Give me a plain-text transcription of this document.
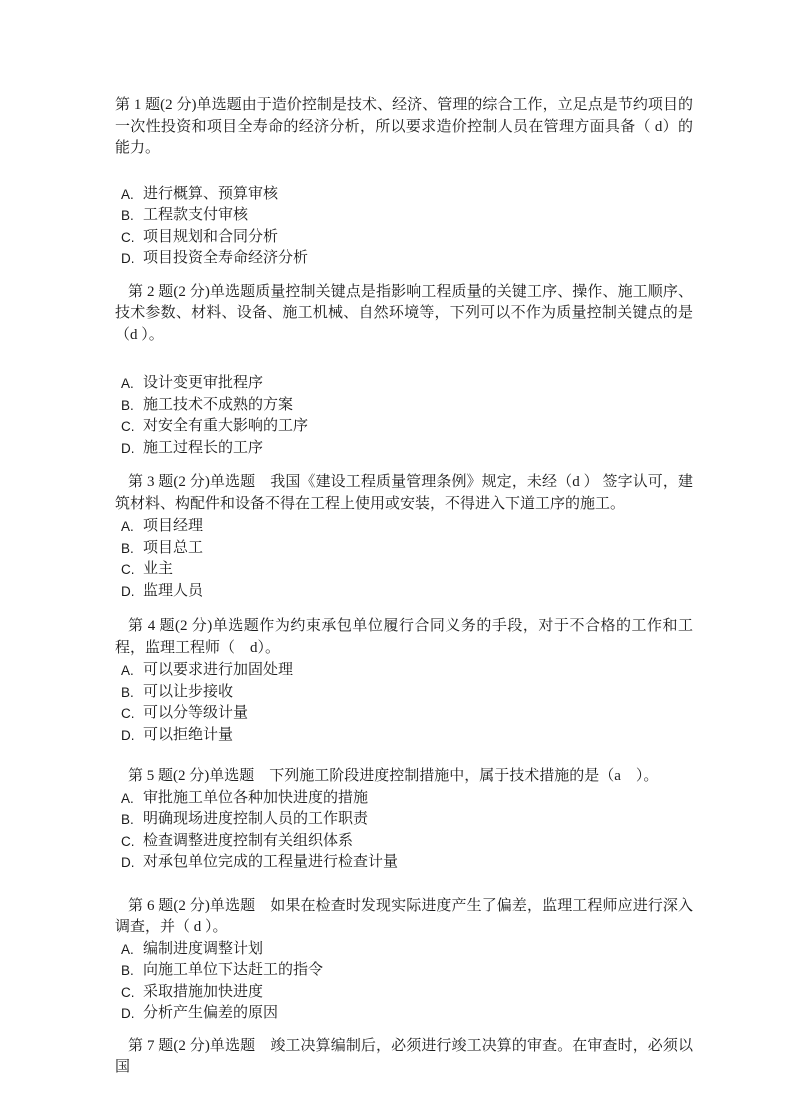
第 1 题(2 分)单选题由于造价控制是技术、经济、管理的综合工作，立足点是节约项目的一次性投资和项目全寿命的经济分析，所以要求造价控制人员在管理方面具备（ d）的能力。

A. 进行概算、预算审核
B. 工程款支付审核
C. 项目规划和合同分析
D. 项目投资全寿命经济分析

第 2 题(2 分)单选题质量控制关键点是指影响工程质量的关键工序、操作、施工顺序、技术参数、材料、设备、施工机械、自然环境等，下列可以不作为质量控制关键点的是（d ）。

A. 设计变更审批程序
B. 施工技术不成熟的方案
C. 对安全有重大影响的工序
D. 施工过程长的工序

第 3 题(2 分)单选题　我国《建设工程质量管理条例》规定，未经（d ） 签字认可，建筑材料、构配件和设备不得在工程上使用或安装，不得进入下道工序的施工。

A. 项目经理
B. 项目总工
C. 业主
D. 监理人员

第 4 题(2 分)单选题作为约束承包单位履行合同义务的手段，对于不合格的工作和工程，监理工程师（　d）。

A. 可以要求进行加固处理
B. 可以让步接收
C. 可以分等级计量
D. 可以拒绝计量

第 5 题(2 分)单选题　下列施工阶段进度控制措施中，属于技术措施的是（a　）。

A. 审批施工单位各种加快进度的措施
B. 明确现场进度控制人员的工作职责
C. 检查调整进度控制有关组织体系
D. 对承包单位完成的工程量进行检查计量

第 6 题(2 分)单选题　如果在检查时发现实际进度产生了偏差，监理工程师应进行深入调查，并（ d ）。

A. 编制进度调整计划
B. 向施工单位下达赶工的指令
C. 采取措施加快进度
D. 分析产生偏差的原因

第 7 题(2 分)单选题　竣工决算编制后，必须进行竣工决算的审查。在审查时，必须以国
